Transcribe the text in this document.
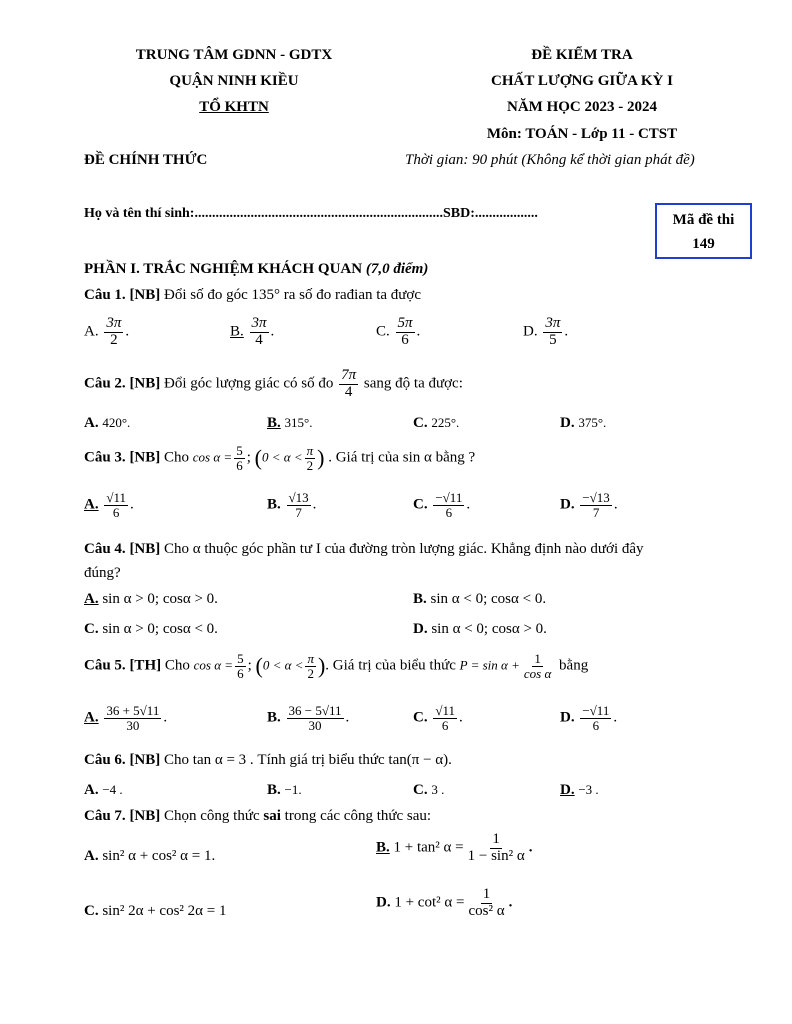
TRUNG TÂM GDNN - GDTX
QUẬN NINH KIỀU
TỔ KHTN
ĐỀ KIỂM TRA
CHẤT LƯỢNG GIỮA KỲ I
NĂM HỌC 2023 - 2024
Môn: TOÁN - Lớp 11 - CTST
ĐỀ CHÍNH THỨC	Thời gian: 90 phút (Không kể thời gian phát đề)
Họ và tên thí sinh:.......................................................................SBD:..................	Mã đề thi
149
PHẦN I. TRẮC NGHIỆM KHÁCH QUAN (7,0 điểm)
Câu 1. [NB] Đổi số đo góc 135° ra số đo rađian ta được
A. $\frac{3\pi}{2}$ .	B. $\frac{3\pi}{4}$ .	C. $\frac{5\pi}{6}$ .	D. $\frac{3\pi}{5}$ .
Câu 2. [NB] Đổi góc lượng giác có số đo $\frac{7\pi}{4}$ sang độ ta được:
A. 420°.	B. 315°.	C. 225°.	D. 375°.
Câu 3. [NB] Cho $\cos \alpha = \frac{5}{6}$ ; ($0 < \alpha < \frac{\pi}{2}$ ) . Giá trị của sin α bằng ?
A. $\frac{√11}{6}$ .	B. $\frac{√13}{7}$ .	C. $\frac{-√11}{6}$ .	D. $\frac{-√13}{7}$ .
Câu 4. [NB] Cho α thuộc góc phần tư I của đường tròn lượng giác. Khẳng định nào dưới đây
đúng?
A. sin α > 0; cosα > 0.	B. sin α < 0; cosα < 0.
C. sin α > 0; cosα < 0.	D. sin α < 0; cosα > 0.
Câu 5. [TH] Cho $\cos \alpha = \frac{5}{6}$ ; ($0 < \alpha < \frac{\pi}{2}$ ). Giá trị của biểu thức $P = \sin \alpha + \frac{1}{\text{cos α}}$ bằng
A. $\frac{36 + 5√11}{30}$ .	B. $\frac{36 - 5√11}{30}$ .	C. $\frac{√11}{6}$ .	D. $\frac{-√11}{6}$ .
Câu 6. [NB] Cho tan α = 3 . Tính giá trị biểu thức tan(π − α).
A. −4 .	B. −1.	C. 3 .	D. −3 .
Câu 7. [NB] Chọn công thức sai trong các công thức sau:
A. sin² α + cos² α = 1.
B. 1 + tan² $\alpha = \frac{1}{\text{1 − sin² α}}$ .
C. sin² 2α + cos² 2α = 1
D. 1 + cot² $\alpha = \frac{1}{\text{cos² α}}$ .
